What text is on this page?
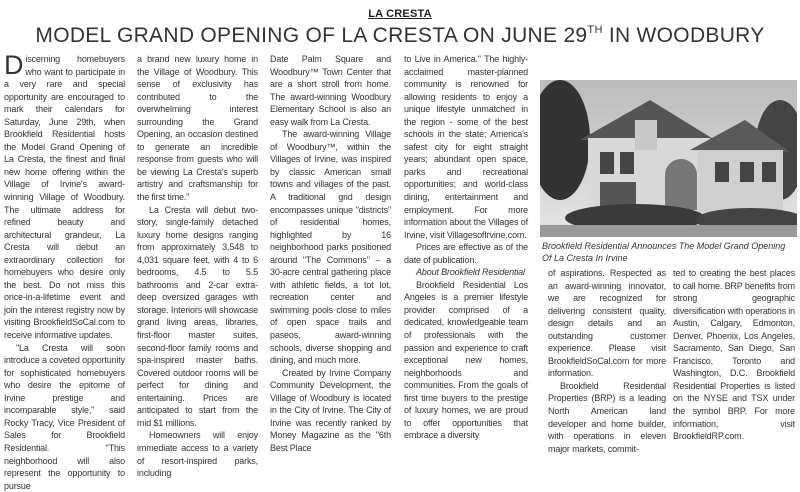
LA CRESTA
MODEL GRAND OPENING OF LA CRESTA ON JUNE 29TH IN WOODBURY

Discerning homebuyers who want to participate in a very rare and special opportunity are encouraged to mark their calendars for Saturday, June 29th, when Brookfield Residential hosts the Model Grand Opening of La Cresta, the finest and final new home offering within the Village of Irvine's award-winning Village of Woodbury. The ultimate address for refined beauty and architectural grandeur, La Cresta will debut an extraordinary collection for homebuyers who desire only the best. Do not miss this once-in-a-lifetime event and join the interest registry now by visiting BrookfieldSoCal.com to receive informative updates.

"La Cresta will soon introduce a coveted opportunity for sophisticated homebuyers who desire the epitome of Irvine prestige and incomparable style," said Rocky Tracy, Vice President of Sales for Brookfield Residential. "This neighborhood will also represent the opportunity to pursue

a brand new luxury home in the Village of Woodbury. This sense of exclusivity has contributed to the overwhelming interest surrounding the Grand Opening, an occasion destined to generate an incredible response from guests who will be viewing La Cresta's superb artistry and craftsmanship for the first time."

La Cresta will debut two-story, single-family detached luxury home designs ranging from approximately 3,548 to 4,031 square feet, with 4 to 6 bedrooms, 4.5 to 5.5 bathrooms and 2-car extra-deep oversized garages with storage. Interiors will showcase grand living areas, libraries, first-floor master suites, second-floor family rooms and spa-inspired master baths. Covered outdoor rooms will be perfect for dining and entertaining. Prices are anticipated to start from the mid $1 millions.

Homeowners will enjoy immediate access to a variety of resort-inspired parks, including

Date Palm Square and Woodbury™ Town Center that are a short stroll from home. The award-winning Woodbury Elementary School is also an easy walk from La Cresta.

The award-winning Village of Woodbury™, within the Villages of Irvine, was inspired by classic American small towns and villages of the past. A traditional grid design encompasses unique "districts" of residential homes, highlighted by 16 neighborhood parks positioned around "The Commons" – a 30-acre central gathering place with athletic fields, a tot lot, recreation center and swimming pools close to miles of open space trails and paseos, award-winning schools, diverse shopping and dining, and much more.

Created by Irvine Company Community Development, the Village of Woodbury is located in the City of Irvine. The City of Irvine was recently ranked by Money Magazine as the "6th Best Place

to Live in America." The highly-acclaimed master-planned community is renowned for allowing residents to enjoy a unique lifestyle unmatched in the region - some of the best schools in the state; America's safest city for eight straight years; abundant open space, parks and recreational opportunities; and world-class dining, entertainment and employment. For more information about the Villages of Irvine, visit VillagesofIrvine.com.

Prices are effective as of the date of publication.

About Brookfield Residential

Brookfield Residential Los Angeles is a premier lifestyle provider comprised of a dedicated, knowledgeable team of professionals with the passion and experience to craft exceptional new homes, neighborhoods and communities. From the goals of first time buyers to the prestige of luxury homes, we are proud to offer opportunities that embrace a diversity

Brookfield Residential Announces The Model Grand Opening Of La Cresta In Irvine

of aspirations. Respected as an award-winning innovator, we are recognized for delivering consistent quality, design details and an outstanding customer experience. Please visit BrookfieldSoCal.com for more information.

Brookfield Residential Properties (BRP) is a leading North American land developer and home builder, with operations in eleven major markets, commit-

ted to creating the best places to call home. BRP benefits from strong geographic diversification with operations in Austin, Calgary, Edmonton, Denver, Phoenix, Los Angeles, Sacramento, San Diego, San Francisco, Toronto and Washington, D.C. Brookfield Residential Properties is listed on the NYSE and TSX under the symbol BRP. For more information, visit BrookfieldRP.com.
